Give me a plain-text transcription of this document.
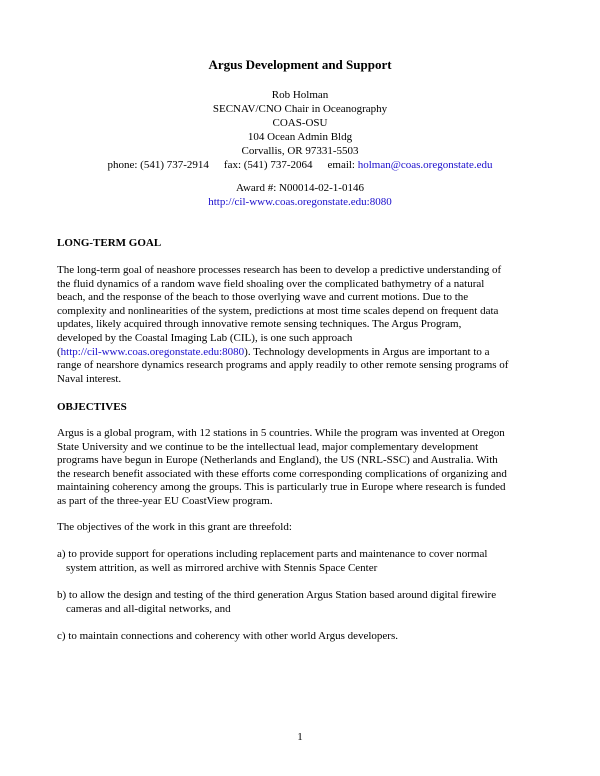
Argus Development and Support
Rob Holman
SECNAV/CNO Chair in Oceanography
COAS-OSU
104 Ocean Admin Bldg
Corvallis, OR 97331-5503
phone: (541) 737-2914 fax: (541) 737-2064 email: holman@coas.oregonstate.edu
Award #: N00014-02-1-0146
http://cil-www.coas.oregonstate.edu:8080
LONG-TERM GOAL
The long-term goal of neashore processes research has been to develop a predictive understanding of
the fluid dynamics of a random wave field shoaling over the complicated bathymetry of a natural
beach, and the response of the beach to those overlying wave and current motions. Due to the
complexity and nonlinearities of the system, predictions at most time scales depend on frequent data
updates, likely acquired through innovative remote sensing techniques. The Argus Program,
developed by the Coastal Imaging Lab (CIL), is one such approach
(http://cil-www.coas.oregonstate.edu:8080). Technology developments in Argus are important to a
range of nearshore dynamics research programs and apply readily to other remote sensing programs of
Naval interest.
OBJECTIVES
Argus is a global program, with 12 stations in 5 countries. While the program was invented at Oregon
State University and we continue to be the intellectual lead, major complementary development
programs have begun in Europe (Netherlands and England), the US (NRL-SSC) and Australia. With
the research benefit associated with these efforts come corresponding complications of organizing and
maintaining coherency among the groups. This is particularly true in Europe where research is funded
as part of the three-year EU CoastView program.
The objectives of the work in this grant are threefold:
a) to provide support for operations including replacement parts and maintenance to cover normal
system attrition, as well as mirrored archive with Stennis Space Center
b) to allow the design and testing of the third generation Argus Station based around digital firewire
cameras and all-digital networks, and
c) to maintain connections and coherency with other world Argus developers.
1
